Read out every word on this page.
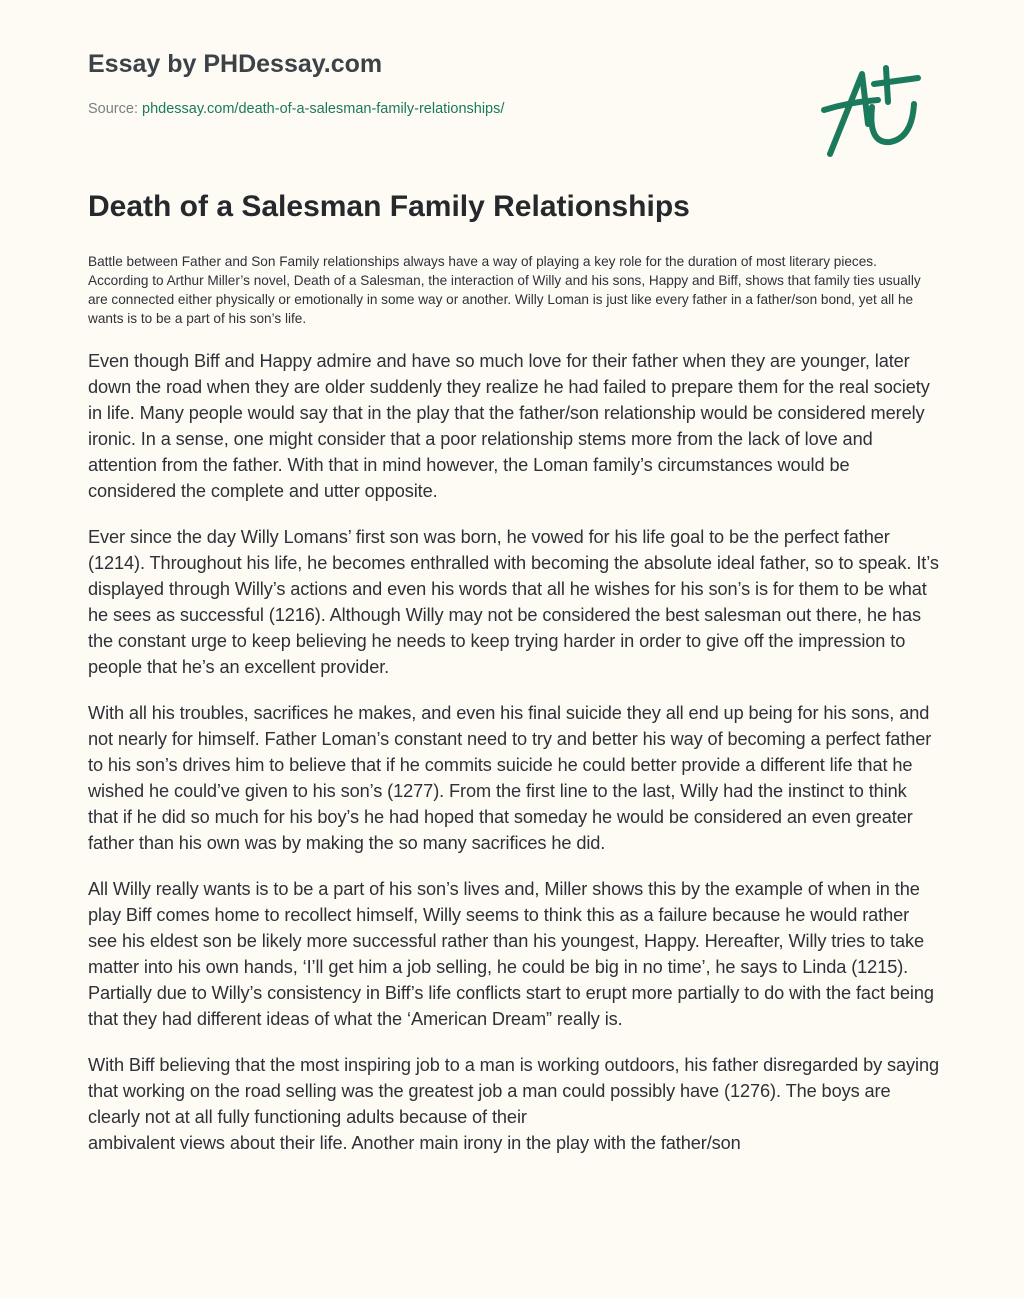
Essay by PHDessay.com
Source: phdessay.com/death-of-a-salesman-family-relationships/
Death of a Salesman Family Relationships

Battle between Father and Son Family relationships always have a way of playing a key role for the duration of most literary pieces. According to Arthur Miller’s novel, Death of a Salesman, the interaction of Willy and his sons, Happy and Biff, shows that family ties usually are connected either physically or emotionally in some way or another. Willy Loman is just like every father in a father/son bond, yet all he wants is to be a part of his son’s life.

Even though Biff and Happy admire and have so much love for their father when they are younger, later down the road when they are older suddenly they realize he had failed to prepare them for the real society in life. Many people would say that in the play that the father/son relationship would be considered merely ironic. In a sense, one might consider that a poor relationship stems more from the lack of love and attention from the father. With that in mind however, the Loman family’s circumstances would be considered the complete and utter opposite.

Ever since the day Willy Lomans’ first son was born, he vowed for his life goal to be the perfect father (1214). Throughout his life, he becomes enthralled with becoming the absolute ideal father, so to speak. It’s displayed through Willy’s actions and even his words that all he wishes for his son’s is for them to be what he sees as successful (1216). Although Willy may not be considered the best salesman out there, he has the constant urge to keep believing he needs to keep trying harder in order to give off the impression to people that he’s an excellent provider.

With all his troubles, sacrifices he makes, and even his final suicide they all end up being for his sons, and not nearly for himself. Father Loman’s constant need to try and better his way of becoming a perfect father to his son’s drives him to believe that if he commits suicide he could better provide a different life that he wished he could’ve given to his son’s (1277). From the first line to the last, Willy had the instinct to think that if he did so much for his boy’s he had hoped that someday he would be considered an even greater father than his own was by making the so many sacrifices he did.

All Willy really wants is to be a part of his son’s lives and, Miller shows this by the example of when in the play Biff comes home to recollect himself, Willy seems to think this as a failure because he would rather see his eldest son be likely more successful rather than his youngest, Happy. Hereafter, Willy tries to take matter into his own hands, ‘I’ll get him a job selling, he could be big in no time’, he says to Linda (1215). Partially due to Willy’s consistency in Biff’s life conflicts start to erupt more partially to do with the fact being that they had different ideas of what the ‘American Dream” really is.

With Biff believing that the most inspiring job to a man is working outdoors, his father disregarded by saying that working on the road selling was the greatest job a man could possibly have (1276). The boys are clearly not at all fully functioning adults because of their

ambivalent views about their life. Another main irony in the play with the father/son
